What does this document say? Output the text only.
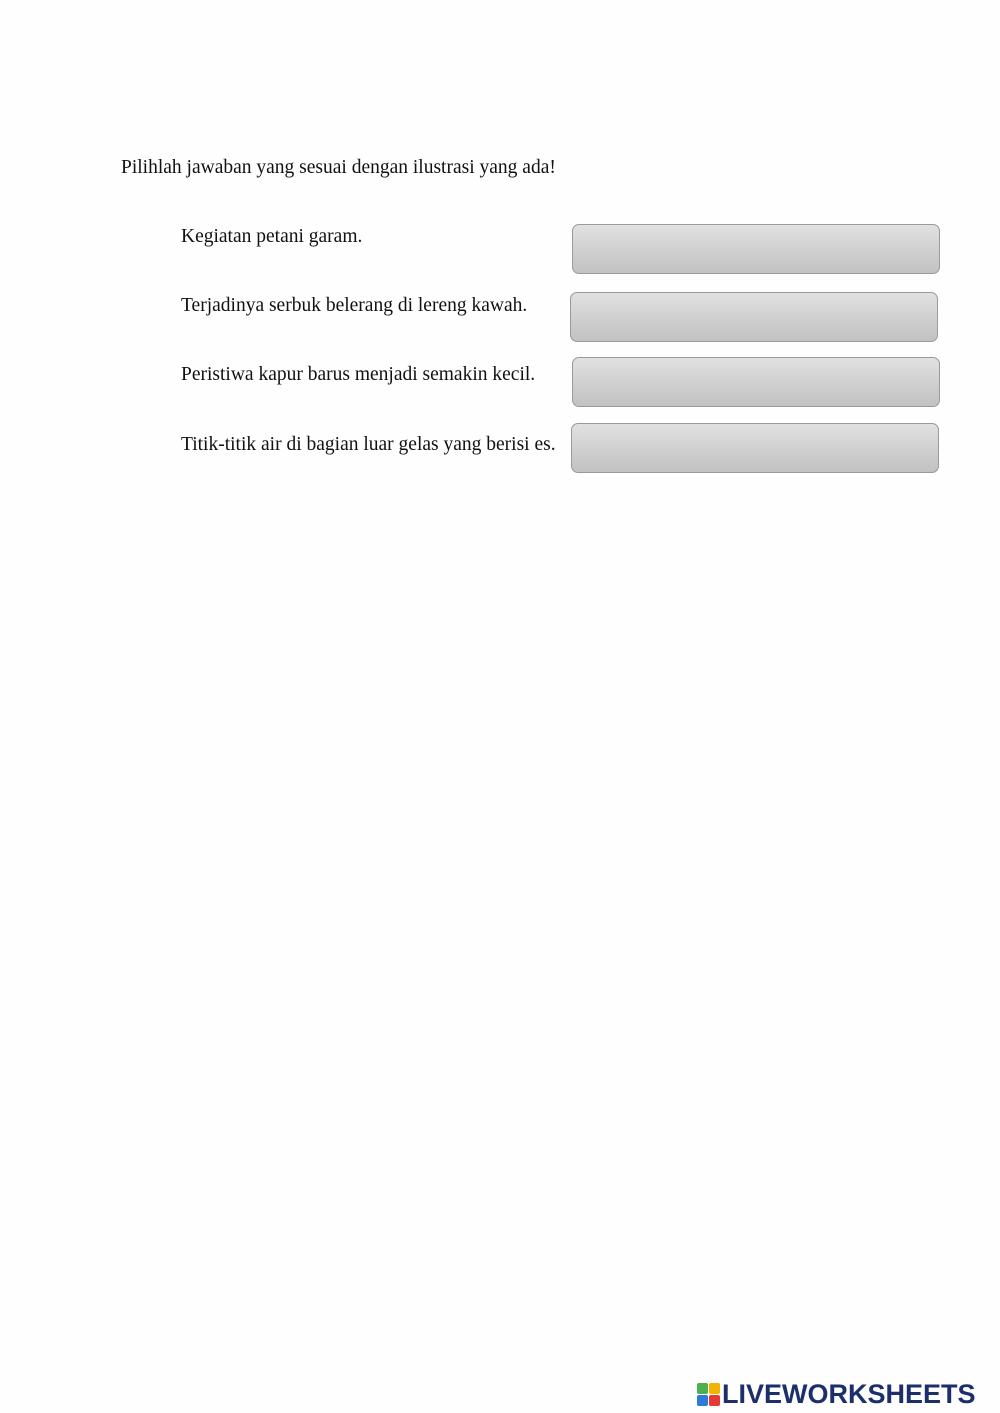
Pilihlah jawaban yang sesuai dengan ilustrasi yang ada!
Kegiatan petani garam.
Terjadinya serbuk belerang di lereng kawah.
Peristiwa kapur barus menjadi semakin kecil.
Titik-titik air di bagian luar gelas yang berisi es.
LIVEWORKSHEETS
